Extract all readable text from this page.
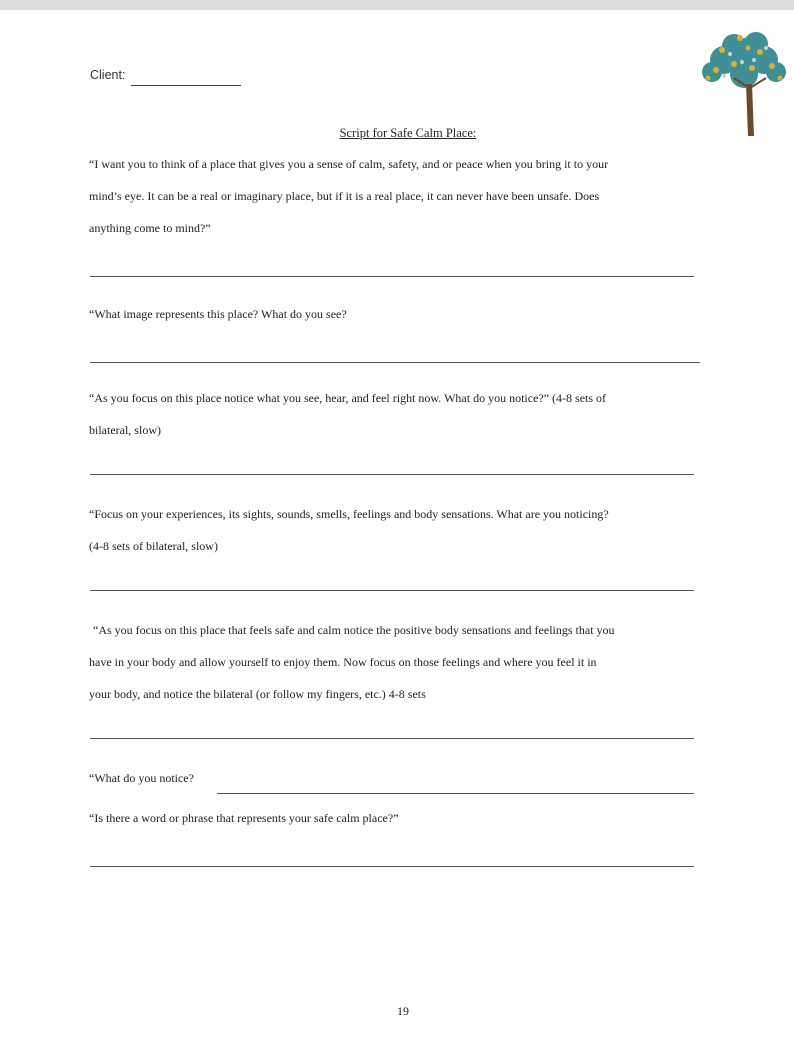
Client:
Script for Safe Calm Place:
“I want you to think of a place that gives you a sense of calm, safety, and or peace when you bring it to your
mind’s eye. It can be a real or imaginary place, but if it is a real place, it can never have been unsafe. Does
anything come to mind?”
“What image represents this place? What do you see?
“As you focus on this place notice what you see, hear, and feel right now. What do you notice?” (4-8 sets of
bilateral, slow)
“Focus on your experiences, its sights, sounds, smells, feelings and body sensations. What are you noticing?
(4-8 sets of bilateral, slow)
“As you focus on this place that feels safe and calm notice the positive body sensations and feelings that you
have in your body and allow yourself to enjoy them. Now focus on those feelings and where you feel it in
your body, and notice the bilateral (or follow my fingers, etc.) 4-8 sets
“What do you notice?
“Is there a word or phrase that represents your safe calm place?”
19
